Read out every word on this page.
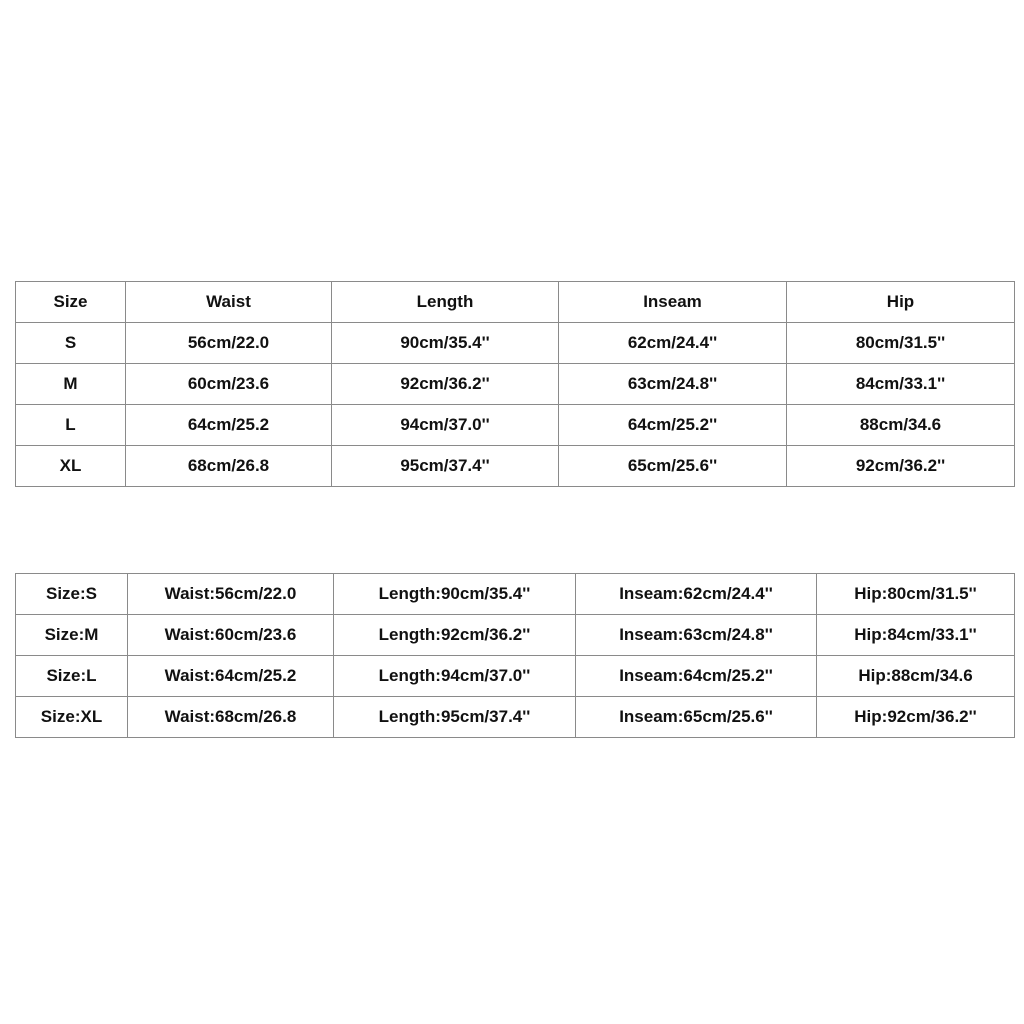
Size	Waist	Length	Inseam	Hip
S	56cm/22.0	90cm/35.4''	62cm/24.4''	80cm/31.5''
M	60cm/23.6	92cm/36.2''	63cm/24.8''	84cm/33.1''
L	64cm/25.2	94cm/37.0''	64cm/25.2''	88cm/34.6
XL	68cm/26.8	95cm/37.4''	65cm/25.6''	92cm/36.2''
Size:S	Waist:56cm/22.0	Length:90cm/35.4''	Inseam:62cm/24.4''	Hip:80cm/31.5''
Size:M	Waist:60cm/23.6	Length:92cm/36.2''	Inseam:63cm/24.8''	Hip:84cm/33.1''
Size:L	Waist:64cm/25.2	Length:94cm/37.0''	Inseam:64cm/25.2''	Hip:88cm/34.6
Size:XL	Waist:68cm/26.8	Length:95cm/37.4''	Inseam:65cm/25.6''	Hip:92cm/36.2''
